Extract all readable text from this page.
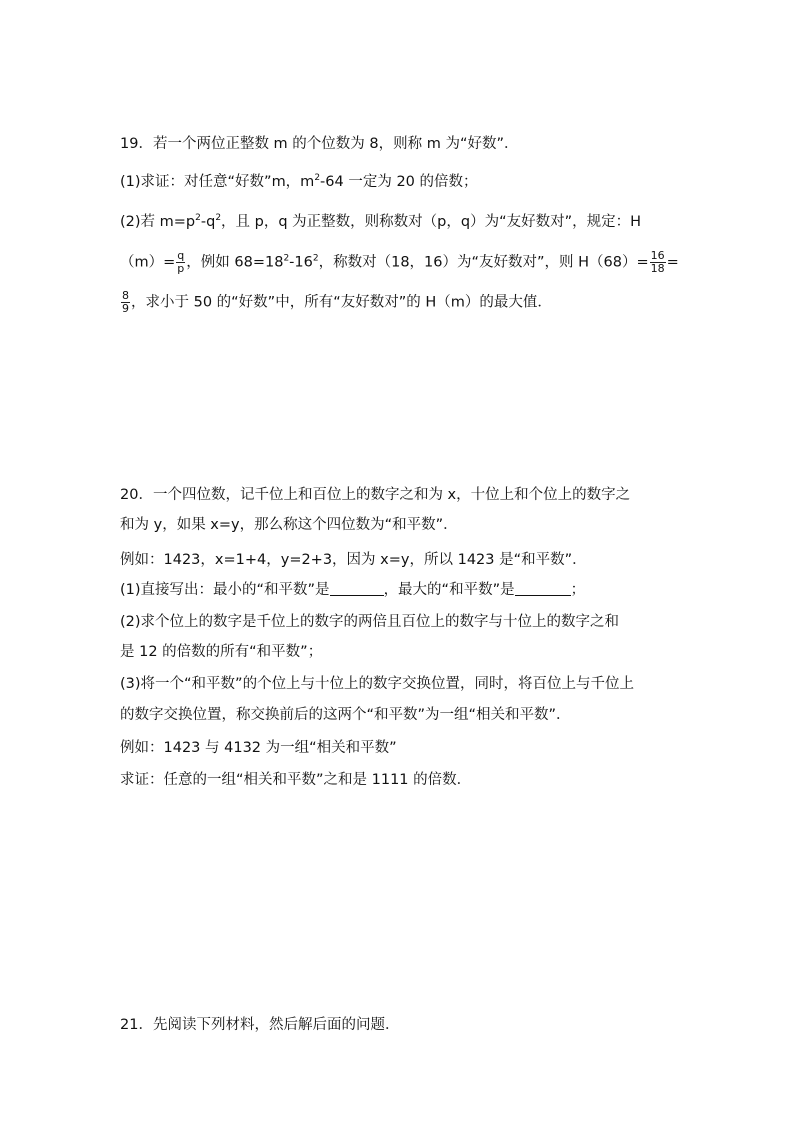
19．若一个两位正整数 m 的个位数为 8，则称 m 为“好数”．
(1)求证：对任意“好数”m，$m^2-64$ 一定为 20 的倍数；
(2)若 $m=p^2-q^2$，且 p，q 为正整数，则称数对（p，q）为“友好数对”，规定：H
$(m)= \frac{q}{p}$ ，例如 $68=18^2-16^2$，称数对（18，16）为“友好数对”，则 $H(68)= \frac{16}{18}$ =
$\frac{8}{9}$ ，求小于 50 的“好数”中，所有“友好数对”的 H（m）的最大值．
20．一个四位数，记千位上和百位上的数字之和为 x，十位上和个位上的数字之
和为 y，如果 x=y，那么称这个四位数为“和平数”．
例如：1423，x=1+4，y=2+3，因为 x=y，所以 1423 是“和平数”．
(1)直接写出：最小的“和平数”是	，最大的“和平数”是	；
(2)求个位上的数字是千位上的数字的两倍且百位上的数字与十位上的数字之和
是 12 的倍数的所有“和平数”；
(3)将一个“和平数”的个位上与十位上的数字交换位置，同时，将百位上与千位上
的数字交换位置，称交换前后的这两个“和平数”为一组“相关和平数”．
例如：1423 与 4132 为一组“相关和平数”
求证：任意的一组“相关和平数”之和是 1111 的倍数．
21．先阅读下列材料，然后解后面的问题．
